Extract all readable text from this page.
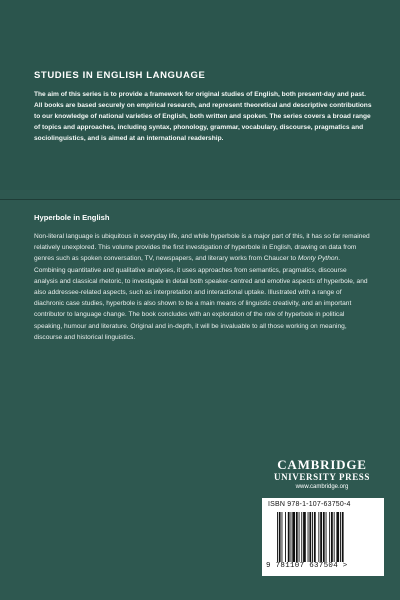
STUDIES IN ENGLISH LANGUAGE

The aim of this series is to provide a framework for original studies of English, both present-day and past. All books are based securely on empirical research, and represent theoretical and descriptive contributions to our knowledge of national varieties of English, both written and spoken. The series covers a broad range of topics and approaches, including syntax, phonology, grammar, vocabulary, discourse, pragmatics and sociolinguistics, and is aimed at an international readership.

Hyperbole in English

Non-literal language is ubiquitous in everyday life, and while hyperbole is a major part of this, it has so far remained relatively unexplored. This volume provides the first investigation of hyperbole in English, drawing on data from genres such as spoken conversation, TV, newspapers, and literary works from Chaucer to Monty Python. Combining quantitative and qualitative analyses, it uses approaches from semantics, pragmatics, discourse analysis and classical rhetoric, to investigate in detail both speaker-centred and emotive aspects of hyperbole, and also addressee-related aspects, such as interpretation and interactional uptake. Illustrated with a range of diachronic case studies, hyperbole is also shown to be a main means of linguistic creativity, and an important contributor to language change. The book concludes with an exploration of the role of hyperbole in political speaking, humour and literature. Original and in-depth, it will be invaluable to all those working on meaning, discourse and historical linguistics.

CAMBRIDGE
UNIVERSITY PRESS
www.cambridge.org
ISBN 978-1-107-63750-4
9 781107 637504 >
